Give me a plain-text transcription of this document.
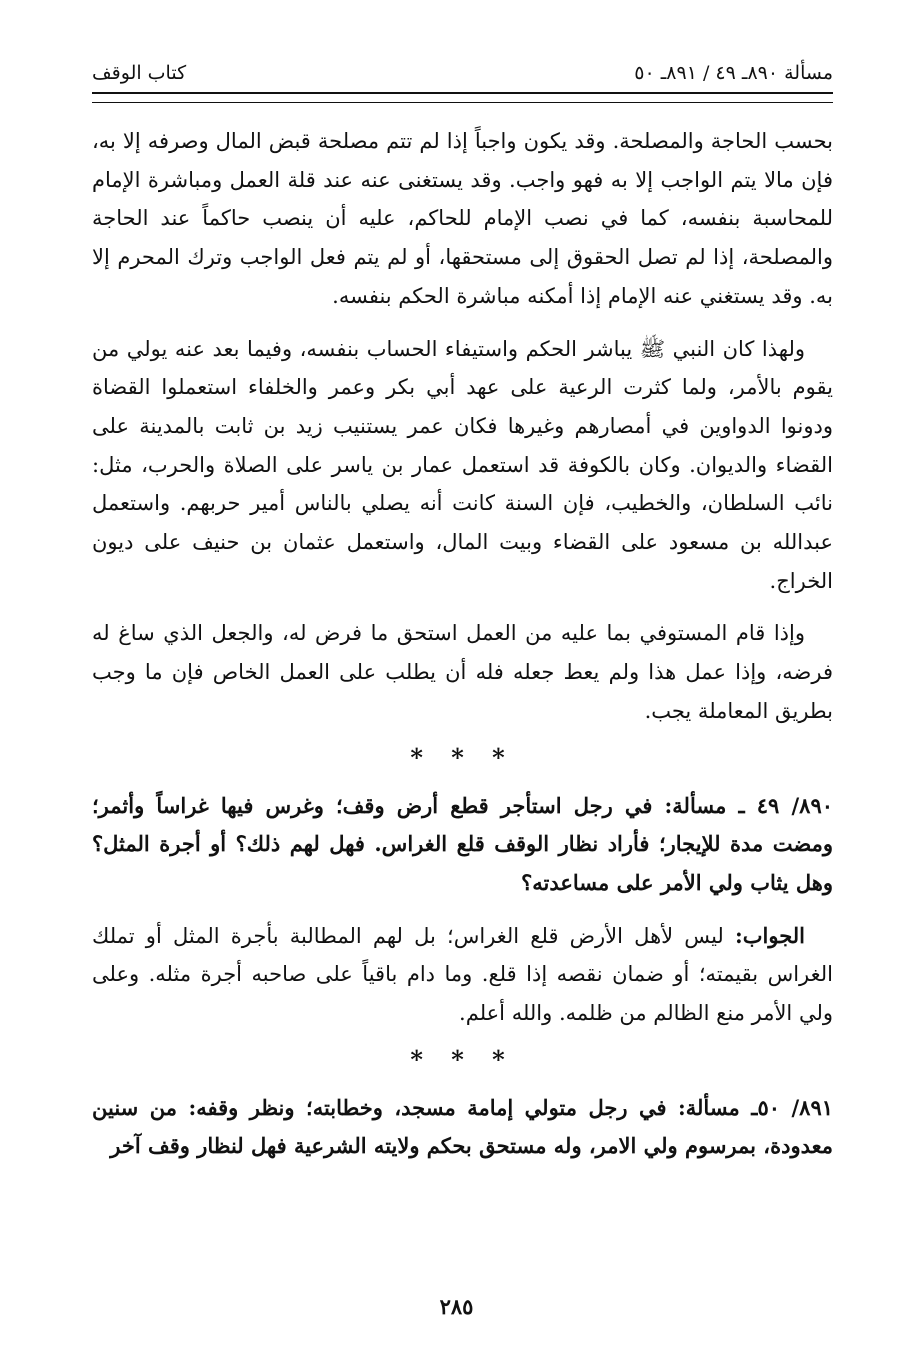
مسألة ٨٩٠ـ ٤٩ / ٨٩١ـ ٥٠
كتاب الوقف

بحسب الحاجة والمصلحة. وقد يكون واجباً إذا لم تتم مصلحة قبض المال وصرفه إلا به، فإن مالا يتم الواجب إلا به فهو واجب. وقد يستغنى عنه عند قلة العمل ومباشرة الإمام للمحاسبة بنفسه، كما في نصب الإمام للحاكم، عليه أن ينصب حاكماً عند الحاجة والمصلحة، إذا لم تصل الحقوق إلى مستحقها، أو لم يتم فعل الواجب وترك المحرم إلا به. وقد يستغني عنه الإمام إذا أمكنه مباشرة الحكم بنفسه.

ولهذا كان النبي ﷺ يباشر الحكم واستيفاء الحساب بنفسه، وفيما بعد عنه يولي من يقوم بالأمر، ولما كثرت الرعية على عهد أبي بكر وعمر والخلفاء استعملوا القضاة ودونوا الدواوين في أمصارهم وغيرها فكان عمر يستنيب زيد بن ثابت بالمدينة على القضاء والديوان. وكان بالكوفة قد استعمل عمار بن ياسر على الصلاة والحرب، مثل: نائب السلطان، والخطيب، فإن السنة كانت أنه يصلي بالناس أمير حربهم. واستعمل عبدالله بن مسعود على القضاء وبيت المال، واستعمل عثمان بن حنيف على ديون الخراج.

وإذا قام المستوفي بما عليه من العمل استحق ما فرض له، والجعل الذي ساغ له فرضه، وإذا عمل هذا ولم يعط جعله فله أن يطلب على العمل الخاص فإن ما وجب بطريق المعاملة يجب.

* * *

٨٩٠/ ٤٩ ـ مسألة: في رجل استأجر قطع أرض وقف؛ وغرس فيها غراساً وأثمر؛ ومضت مدة للإيجار؛ فأراد نظار الوقف قلع الغراس. فهل لهم ذلك؟ أو أجرة المثل؟ وهل يثاب ولي الأمر على مساعدته؟

الجواب: ليس لأهل الأرض قلع الغراس؛ بل لهم المطالبة بأجرة المثل أو تملك الغراس بقيمته؛ أو ضمان نقصه إذا قلع. وما دام باقياً على صاحبه أجرة مثله. وعلى ولي الأمر منع الظالم من ظلمه. والله أعلم.

* * *

٨٩١/ ٥٠ـ مسألة: في رجل متولي إمامة مسجد، وخطابته؛ ونظر وقفه: من سنين معدودة، بمرسوم ولي الامر، وله مستحق بحكم ولايته الشرعية فهل لنظار وقف آخر

٢٨٥
